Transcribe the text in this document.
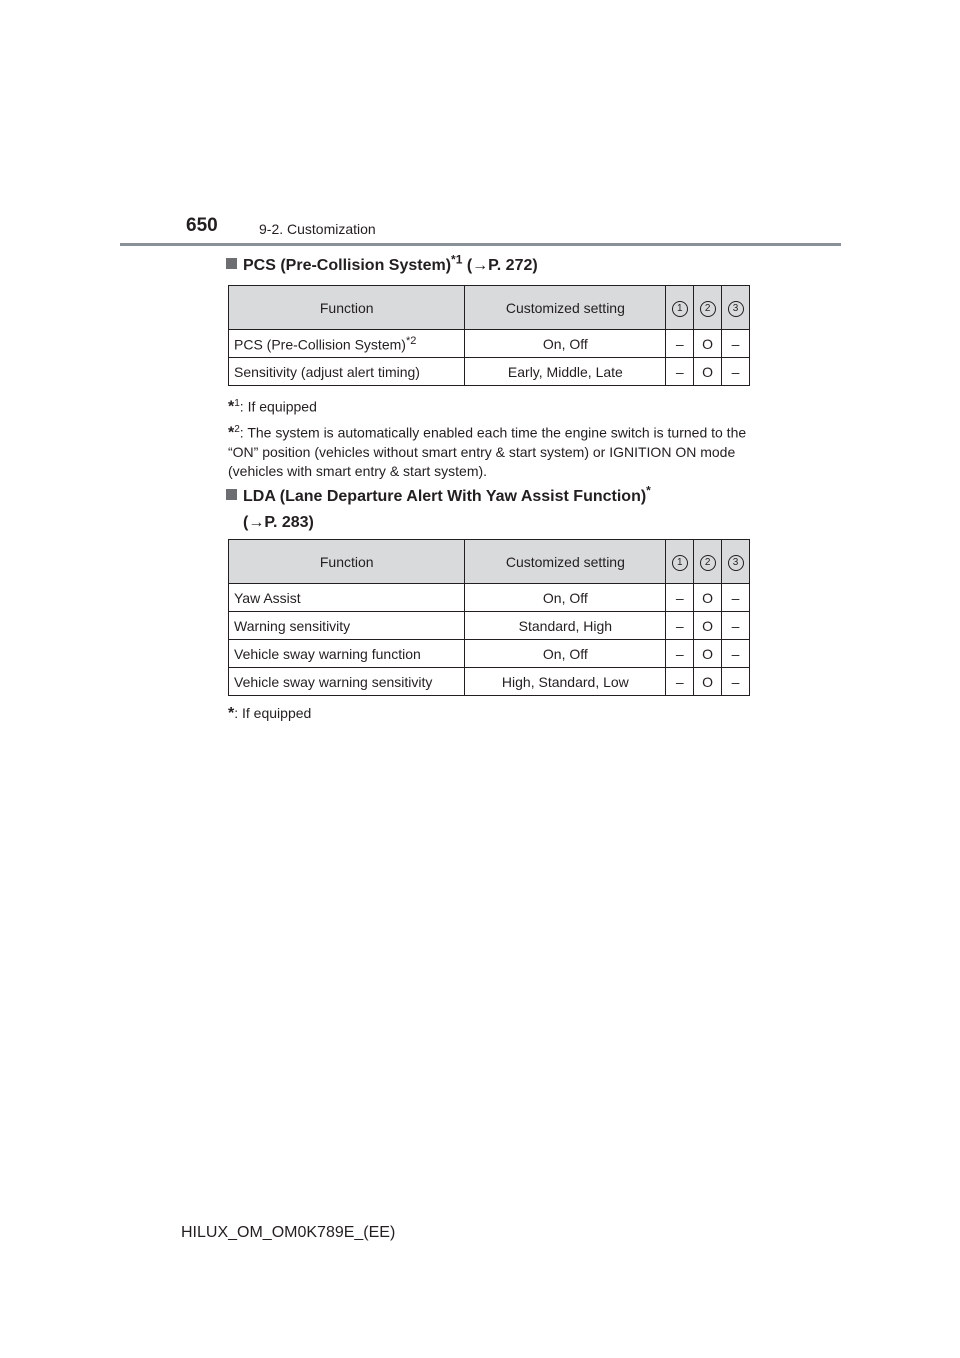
650	9-2. Customization
PCS (Pre-Collision System)$^{*1}$ (→P. 272)
Function	Customized setting	1	2	3
PCS (Pre-Collision System)$^{*2}$	On, Off	–	O	–
Sensitivity (adjust alert timing)	Early, Middle, Late	–	O	–
*$^1$: If equipped
*$^2$: The system is automatically enabled each time the engine switch is turned to the “ON” position (vehicles without smart entry & start system) or IGNITION ON mode (vehicles with smart entry & start system).
LDA (Lane Departure Alert With Yaw Assist Function)*
(→P. 283)
Function	Customized setting	1	2	3
Yaw Assist	On, Off	–	O	–
Warning sensitivity	Standard, High	–	O	–
Vehicle sway warning function	On, Off	–	O	–
Vehicle sway warning sensitivity	High, Standard, Low	–	O	–
*: If equipped
HILUX_OM_OM0K789E_(EE)
